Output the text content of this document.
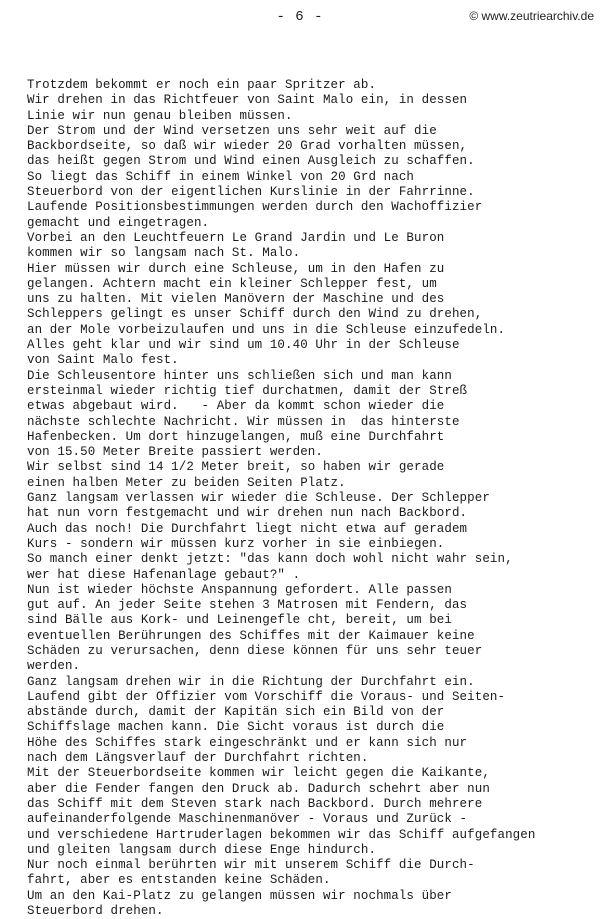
- 6 -	© www.zeutriearchiv.de
Trotzdem bekommt er noch ein paar Spritzer ab.
Wir drehen in das Richtfeuer von Saint Malo ein, in dessen
Linie wir nun genau bleiben müssen.
Der Strom und der Wind versetzen uns sehr weit auf die
Backbordseite, so daß wir wieder 20 Grad vorhalten müssen,
das heißt gegen Strom und Wind einen Ausgleich zu schaffen.
So liegt das Schiff in einem Winkel von 20 Grd nach
Steuerbord von der eigentlichen Kurslinie in der Fahrrinne.
Laufende Positionsbestimmungen werden durch den Wachoffizier
gemacht und eingetragen.
Vorbei an den Leuchtfeuern Le Grand Jardin und Le Buron
kommen wir so langsam nach St. Malo.
Hier müssen wir durch eine Schleuse, um in den Hafen zu
gelangen. Achtern macht ein kleiner Schlepper fest, um
uns zu halten. Mit vielen Manövern der Maschine und des
Schleppers gelingt es unser Schiff durch den Wind zu drehen,
an der Mole vorbeizulaufen und uns in die Schleuse einzufedeln.
Alles geht klar und wir sind um 10.40 Uhr in der Schleuse
von Saint Malo fest.
Die Schleusentore hinter uns schließen sich und man kann
ersteinmal wieder richtig tief durchatmen, damit der Streß
etwas abgebaut wird.   - Aber da kommt schon wieder die
nächste schlechte Nachricht. Wir müssen in  das hinterste
Hafenbecken. Um dort hinzugelangen, muß eine Durchfahrt
von 15.50 Meter Breite passiert werden.
Wir selbst sind 14 1/2 Meter breit, so haben wir gerade
einen halben Meter zu beiden Seiten Platz.
Ganz langsam verlassen wir wieder die Schleuse. Der Schlepper
hat nun vorn festgemacht und wir drehen nun nach Backbord.
Auch das noch! Die Durchfahrt liegt nicht etwa auf geradem
Kurs - sondern wir müssen kurz vorher in sie einbiegen.
So manch einer denkt jetzt: "das kann doch wohl nicht wahr sein,
wer hat diese Hafenanlage gebaut?" .
Nun ist wieder höchste Anspannung gefordert. Alle passen
gut auf. An jeder Seite stehen 3 Matrosen mit Fendern, das
sind Bälle aus Kork- und Leinengefle cht, bereit, um bei
eventuellen Berührungen des Schiffes mit der Kaimauer keine
Schäden zu verursachen, denn diese können für uns sehr teuer
werden.
Ganz langsam drehen wir in die Richtung der Durchfahrt ein.
Laufend gibt der Offizier vom Vorschiff die Voraus- und Seiten-
abstände durch, damit der Kapitän sich ein Bild von der
Schiffslage machen kann. Die Sicht voraus ist durch die
Höhe des Schiffes stark eingeschränkt und er kann sich nur
nach dem Längsverlauf der Durchfahrt richten.
Mit der Steuerbordseite kommen wir leicht gegen die Kaikante,
aber die Fender fangen den Druck ab. Dadurch schehrt aber nun
das Schiff mit dem Steven stark nach Backbord. Durch mehrere
aufeinanderfolgende Maschinenmanöver - Voraus und Zurück -
und verschiedene Hartruderlagen bekommen wir das Schiff aufgefangen
und gleiten langsam durch diese Enge hindurch.
Nur noch einmal berührten wir mit unserem Schiff die Durch-
fahrt, aber es entstanden keine Schäden.
Um an den Kai-Platz zu gelangen müssen wir nochmals über
Steuerbord drehen.
